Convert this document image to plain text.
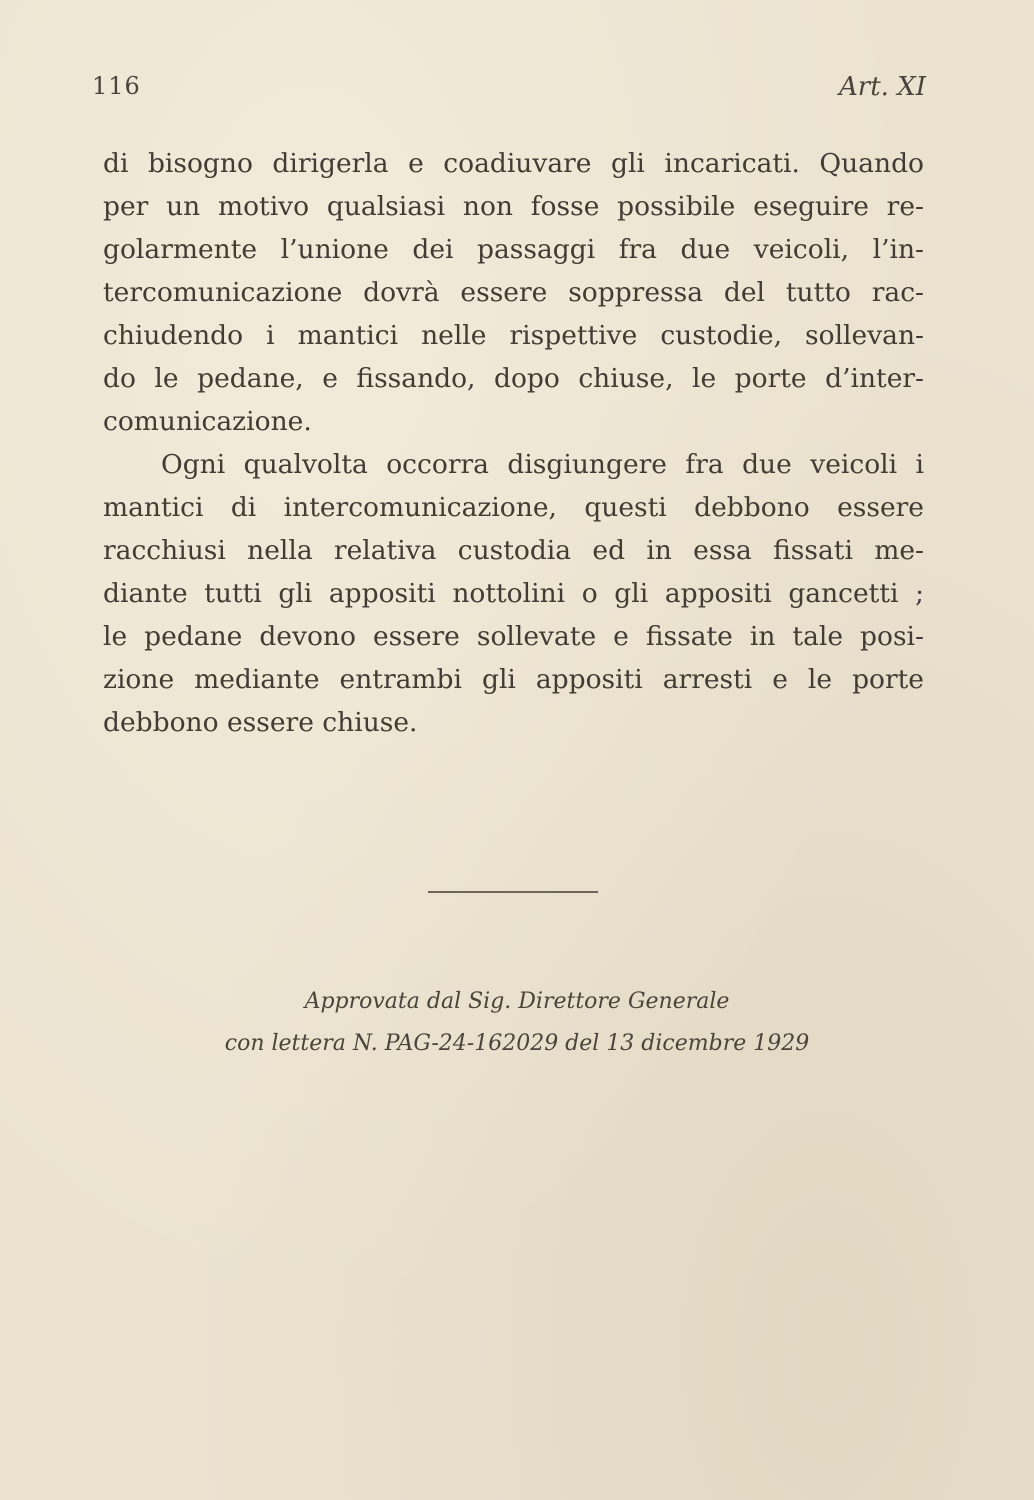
116	Art. XI
di bisogno dirigerla e coadiuvare gli incaricati. Quando
per un motivo qualsiasi non fosse possibile eseguire re-
golarmente l’unione dei passaggi fra due veicoli, l’in-
tercomunicazione dovrà essere soppressa del tutto rac-
chiudendo i mantici nelle rispettive custodie, sollevan-
do le pedane, e fissando, dopo chiuse, le porte d’inter-
comunicazione.
Ogni qualvolta occorra disgiungere fra due veicoli i
mantici di intercomunicazione, questi debbono essere
racchiusi nella relativa custodia ed in essa fissati me-
diante tutti gli appositi nottolini o gli appositi gancetti ;
le pedane devono essere sollevate e fissate in tale posi-
zione mediante entrambi gli appositi arresti e le porte
debbono essere chiuse.
Approvata dal Sig. Direttore Generale
con lettera N. PAG-24-162029 del 13 dicembre 1929
